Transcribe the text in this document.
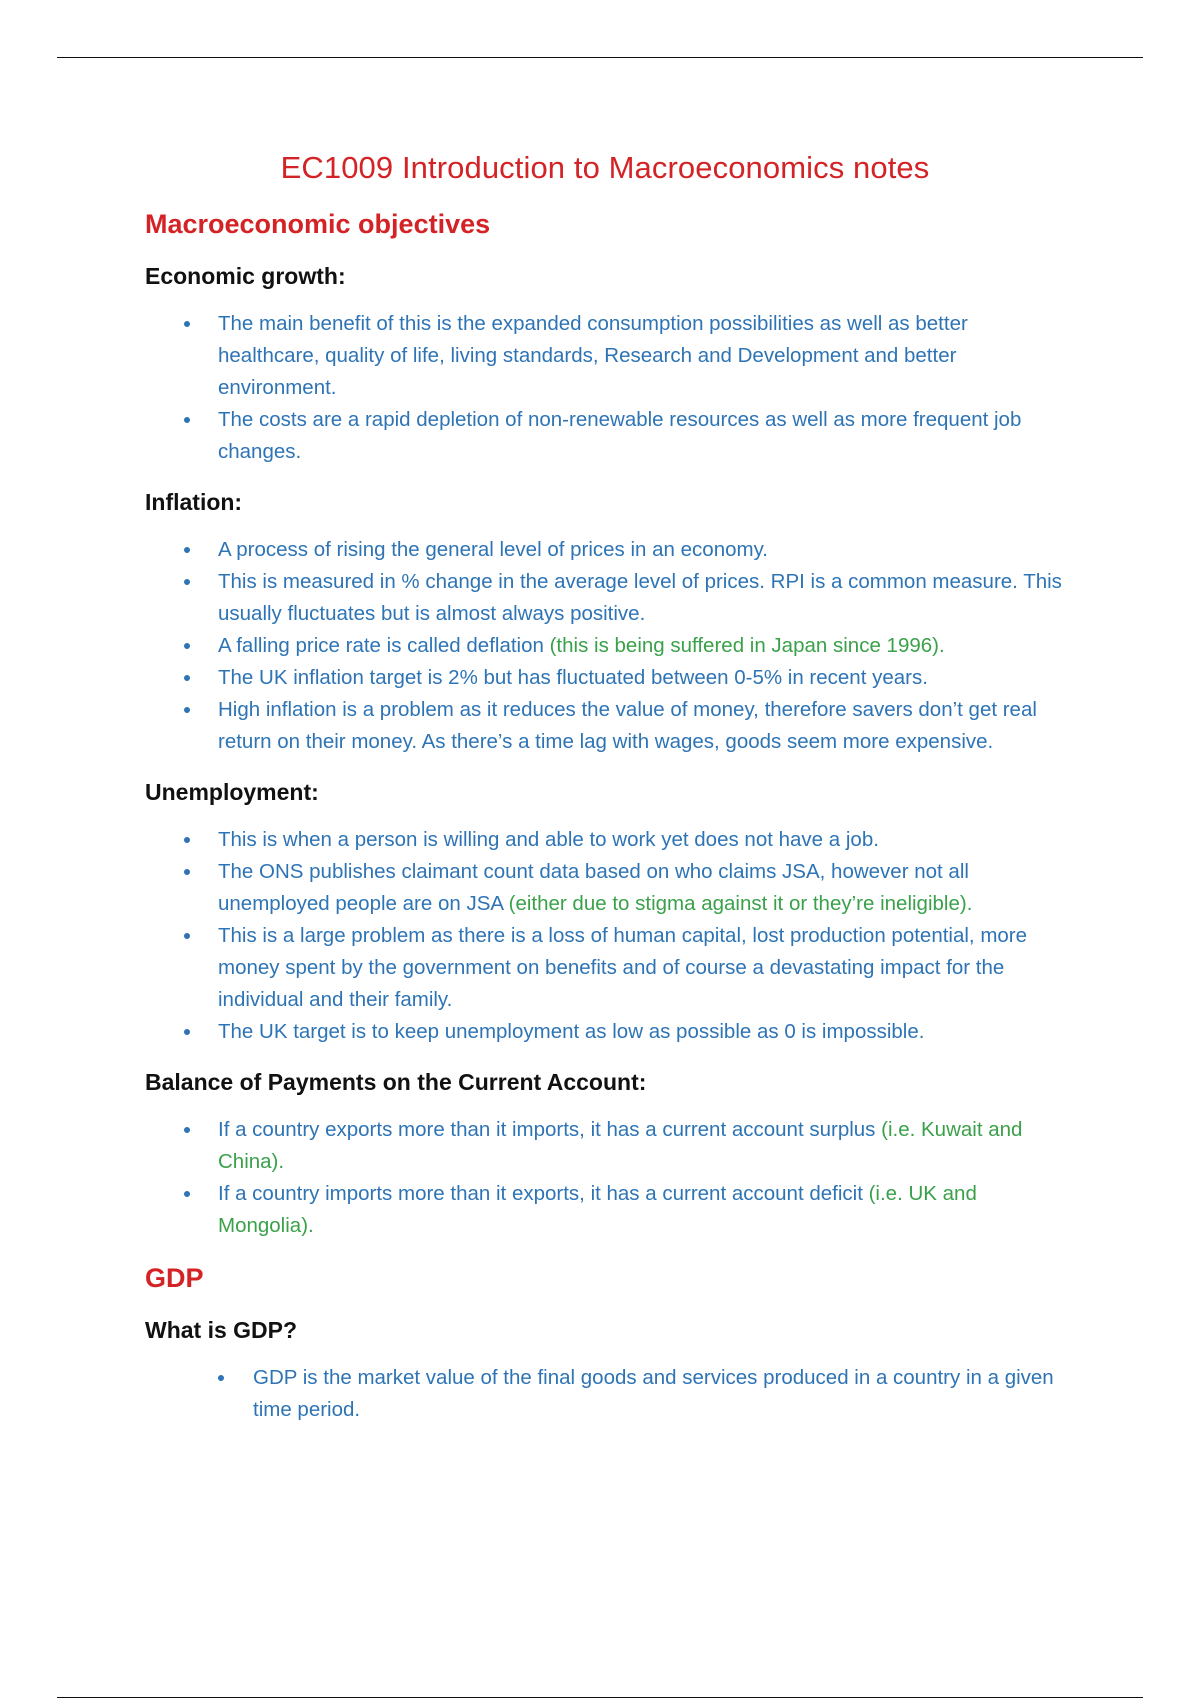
EC1009 Introduction to Macroeconomics notes
Macroeconomic objectives
Economic growth:
The main benefit of this is the expanded consumption possibilities as well as better healthcare, quality of life, living standards, Research and Development and better environment.
The costs are a rapid depletion of non-renewable resources as well as more frequent job changes.
Inflation:
A process of rising the general level of prices in an economy.
This is measured in % change in the average level of prices. RPI is a common measure. This usually fluctuates but is almost always positive.
A falling price rate is called deflation (this is being suffered in Japan since 1996).
The UK inflation target is 2% but has fluctuated between 0-5% in recent years.
High inflation is a problem as it reduces the value of money, therefore savers don’t get real return on their money. As there’s a time lag with wages, goods seem more expensive.
Unemployment:
This is when a person is willing and able to work yet does not have a job.
The ONS publishes claimant count data based on who claims JSA, however not all unemployed people are on JSA (either due to stigma against it or they’re ineligible).
This is a large problem as there is a loss of human capital, lost production potential, more money spent by the government on benefits and of course a devastating impact for the individual and their family.
The UK target is to keep unemployment as low as possible as 0 is impossible.
Balance of Payments on the Current Account:
If a country exports more than it imports, it has a current account surplus (i.e. Kuwait and China).
If a country imports more than it exports, it has a current account deficit (i.e. UK and Mongolia).
GDP
What is GDP?
GDP is the market value of the final goods and services produced in a country in a given time period.
